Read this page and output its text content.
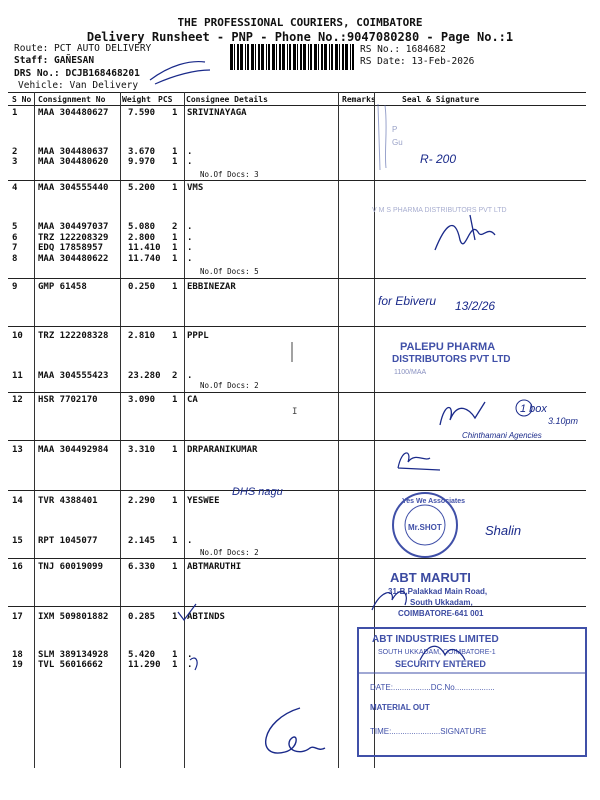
THE PROFESSIONAL COURIERS, COIMBATORE
Delivery Runsheet - PNP - Phone No.:9047080280 - Page No.:1
Route: PCT AUTO DELIVERY
Staff: GAÑESAN
DRS No.: DCJB168468201
Vehicle: Van Delivery
RS No.: 1684682
RS Date: 13-Feb-2026
S No Consignment No Weight PCS Consignee Details	Remarks	Seal & Signature
1 MAA 304480627 7.590 1 SRIVINAYAGA
2 MAA 304480637 3.670 1 .
3 MAA 304480620 9.970 1 .
4 MAA 304555440 5.200 1 VMS
5 MAA 304497037 5.080 2 .
6 TRZ 122208329 2.800 1 .
7 EDQ 17858957	11.410 1 .
8 MAA 304480622 11.740 1 .
9 GMP 61458	0.250 1 EBBINEZAR
10 TRZ 122208328 2.810 1 PPPL
11 MAA 304555423 23.280 2 .
12 HSR 7702170	3.090 1 CA
13 MAA 304492984 3.310 1 DRPARANIKUMAR
14 TVR 4388401	2.290 1 YESWEE
15 RPT 1045077	2.145 1 .
16 TNJ 60019099	6.330 1 ABTMARUTHI
17 IXM 509801882 0.285 1 ABTINDS
18 SLM 389134928 5.420 1 .
19 TVL 56016662	11.290 1 .
No.Of Docs: 3
No.Of Docs: 5
No.Of Docs: 2
No.Of Docs: 2
P
Gu
R- 200
V M S PHARMA DISTRIBUTORS PVT LTD
for Ebiveru 13/2/26
PALEPU PHARMA
DISTRIBUTORS PVT LTD
1100/MAA
1 box
3.10pm
Chinthamani Agencies
I
DHS nagu
Yes We Associates
Mr.SHOT	Shalin
ABT MARUTI
31-B,Palakkad Main Road,
South Ukkadam,
COIMBATORE-641 001
ABT INDUSTRIES LIMITED
SOUTH UKKADAM, COIMBATORE-1
SECURITY ENTERED
DATE:.................DC.No..................
MATERIAL OUT
TIME:......................SIGNATURE
